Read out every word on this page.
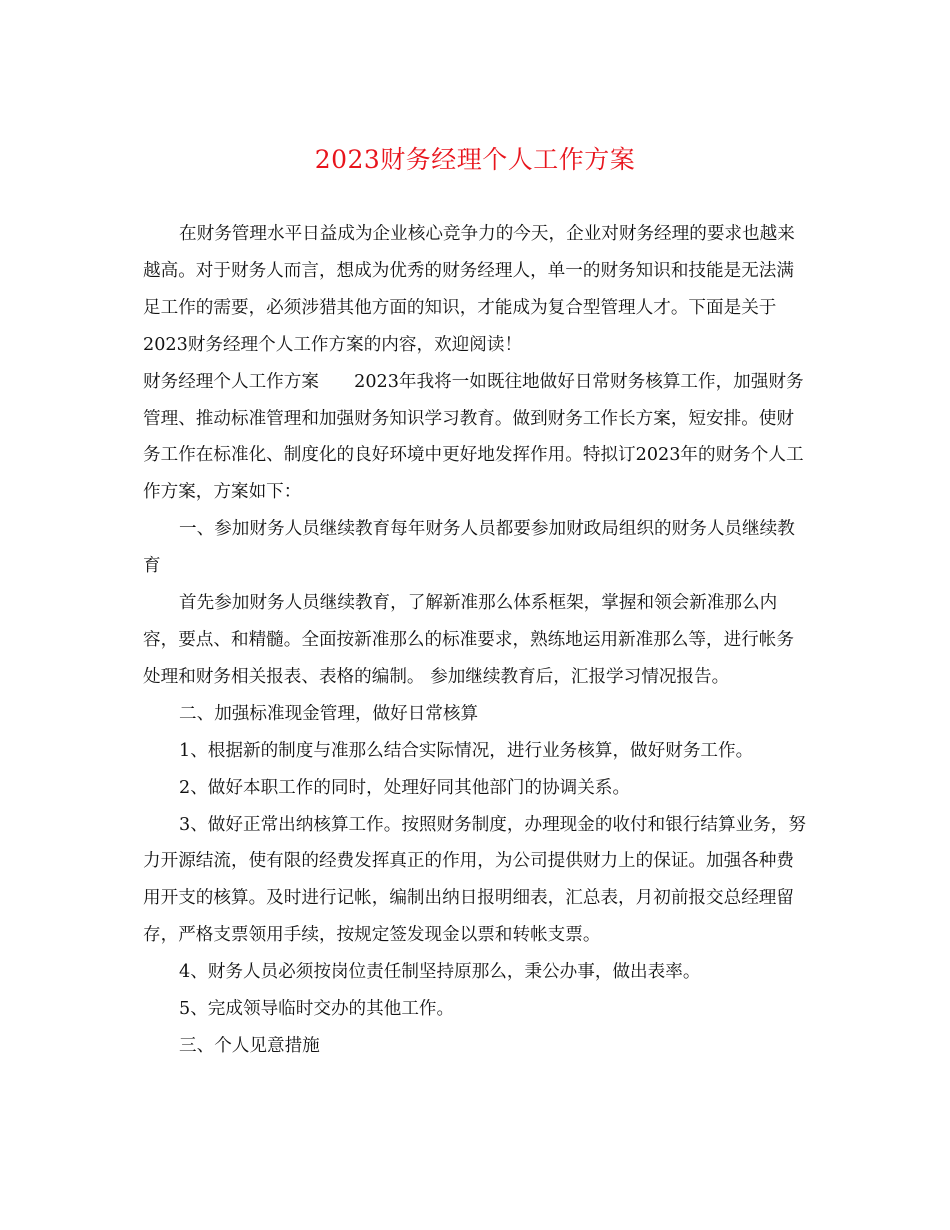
2023财务经理个人工作方案

在财务管理水平日益成为企业核心竞争力的今天，企业对财务经理的要求也越来越高。对于财务人而言，想成为优秀的财务经理人，单一的财务知识和技能是无法满足工作的需要，必须涉猎其他方面的知识，才能成为复合型管理人才。下面是关于2023财务经理个人工作方案的内容，欢迎阅读！

财务经理个人工作方案　　2023年我将一如既往地做好日常财务核算工作，加强财务管理、推动标准管理和加强财务知识学习教育。做到财务工作长方案，短安排。使财务工作在标准化、制度化的良好环境中更好地发挥作用。特拟订2023年的财务个人工作方案，方案如下：

一、参加财务人员继续教育每年财务人员都要参加财政局组织的财务人员继续教育

首先参加财务人员继续教育，了解新准那么体系框架，掌握和领会新准那么内容，要点、和精髓。全面按新准那么的标准要求，熟练地运用新准那么等，进行帐务处理和财务相关报表、表格的编制。 参加继续教育后，汇报学习情况报告。

二、加强标准现金管理，做好日常核算

1、根据新的制度与准那么结合实际情况，进行业务核算，做好财务工作。

2、做好本职工作的同时，处理好同其他部门的协调关系。

3、做好正常出纳核算工作。按照财务制度，办理现金的收付和银行结算业务，努力开源结流，使有限的经费发挥真正的作用，为公司提供财力上的保证。加强各种费用开支的核算。及时进行记帐，编制出纳日报明细表，汇总表，月初前报交总经理留存，严格支票领用手续，按规定签发现金以票和转帐支票。

4、财务人员必须按岗位责任制坚持原那么，秉公办事，做出表率。

5、完成领导临时交办的其他工作。

三、个人见意措施
